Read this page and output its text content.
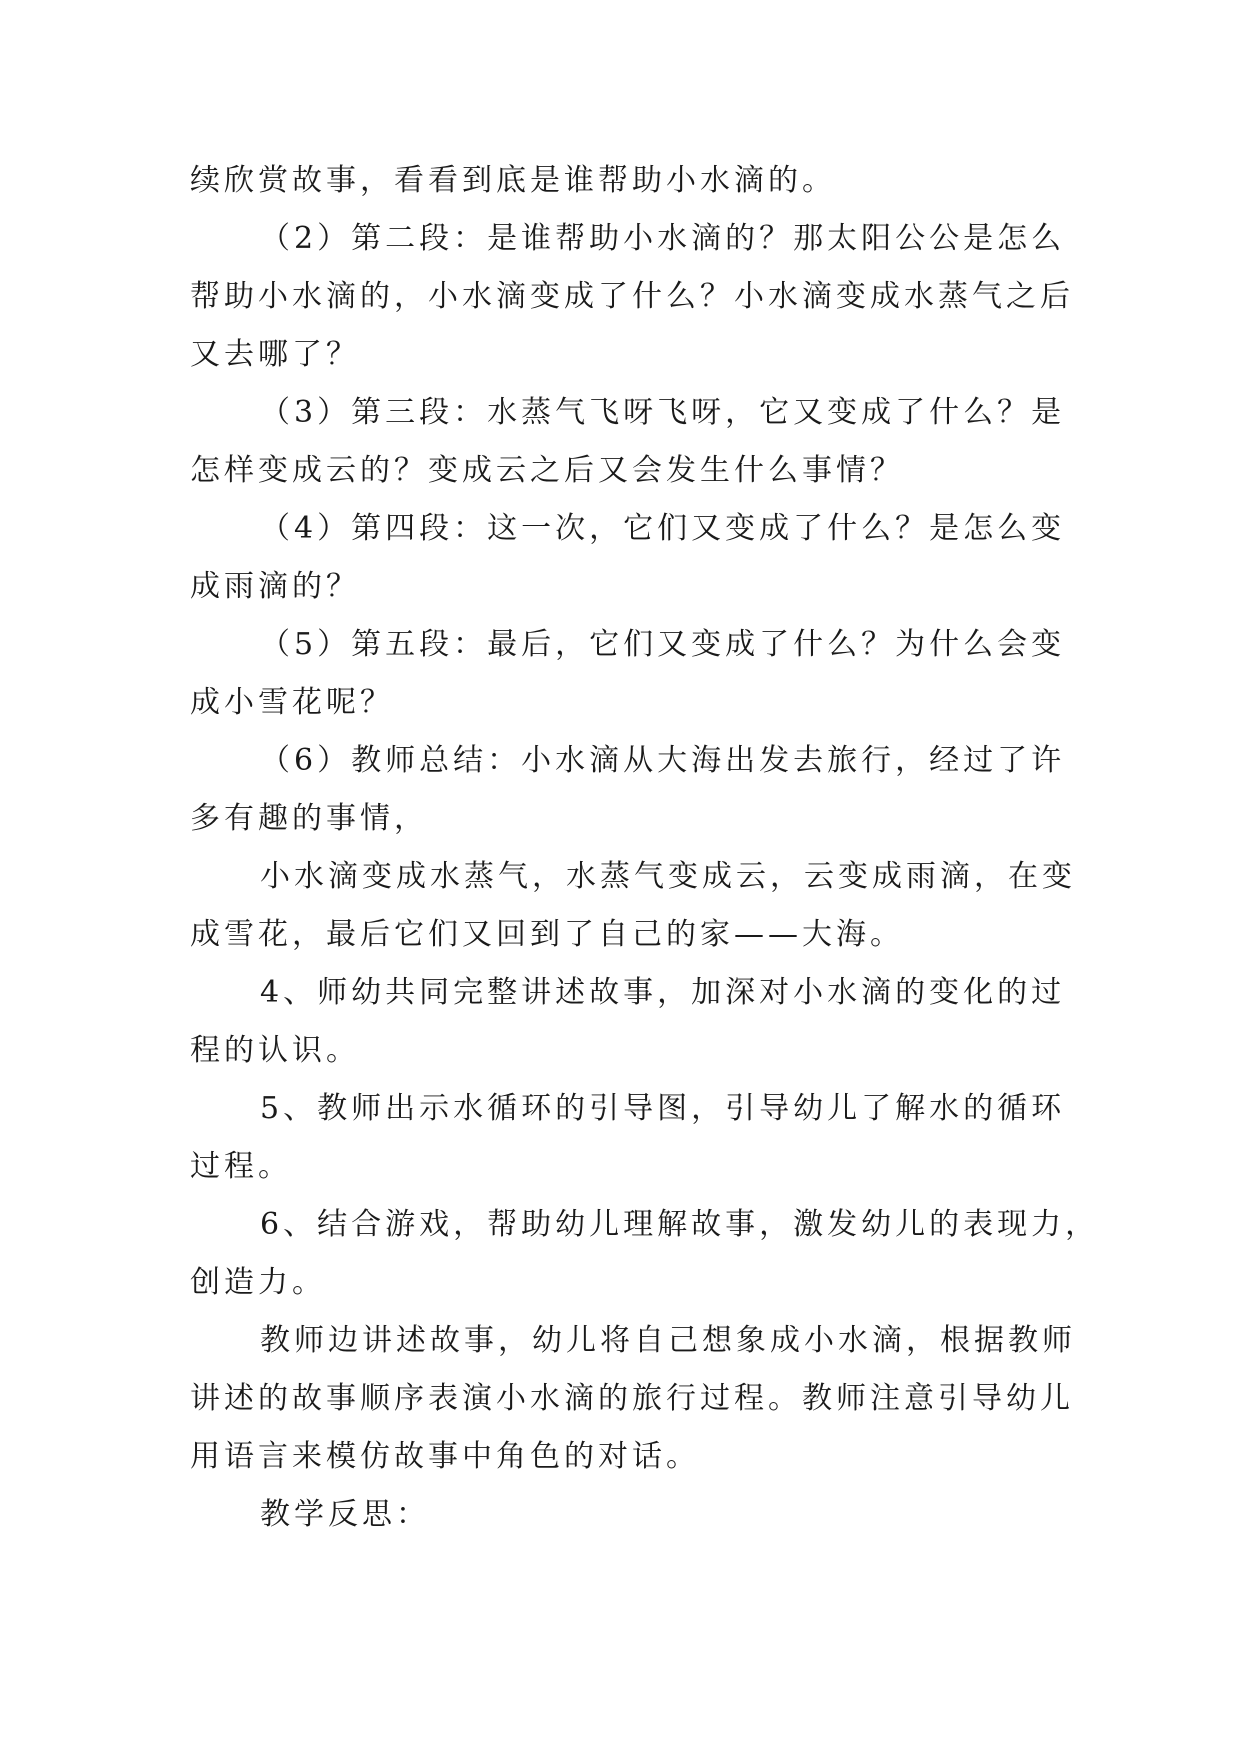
续欣赏故事，看看到底是谁帮助小水滴的。
（2）第二段：是谁帮助小水滴的？那太阳公公是怎么
帮助小水滴的，小水滴变成了什么？小水滴变成水蒸气之后
又去哪了？
（3）第三段：水蒸气飞呀飞呀，它又变成了什么？是
怎样变成云的？变成云之后又会发生什么事情？
（4）第四段：这一次，它们又变成了什么？是怎么变
成雨滴的？
（5）第五段：最后，它们又变成了什么？为什么会变
成小雪花呢？
（6）教师总结：小水滴从大海出发去旅行，经过了许
多有趣的事情，
小水滴变成水蒸气，水蒸气变成云，云变成雨滴，在变
成雪花，最后它们又回到了自己的家——大海。
4、师幼共同完整讲述故事，加深对小水滴的变化的过
程的认识。
5、教师出示水循环的引导图，引导幼儿了解水的循环
过程。
6、结合游戏，帮助幼儿理解故事，激发幼儿的表现力，
创造力。
教师边讲述故事，幼儿将自己想象成小水滴，根据教师
讲述的故事顺序表演小水滴的旅行过程。教师注意引导幼儿
用语言来模仿故事中角色的对话。
教学反思：
